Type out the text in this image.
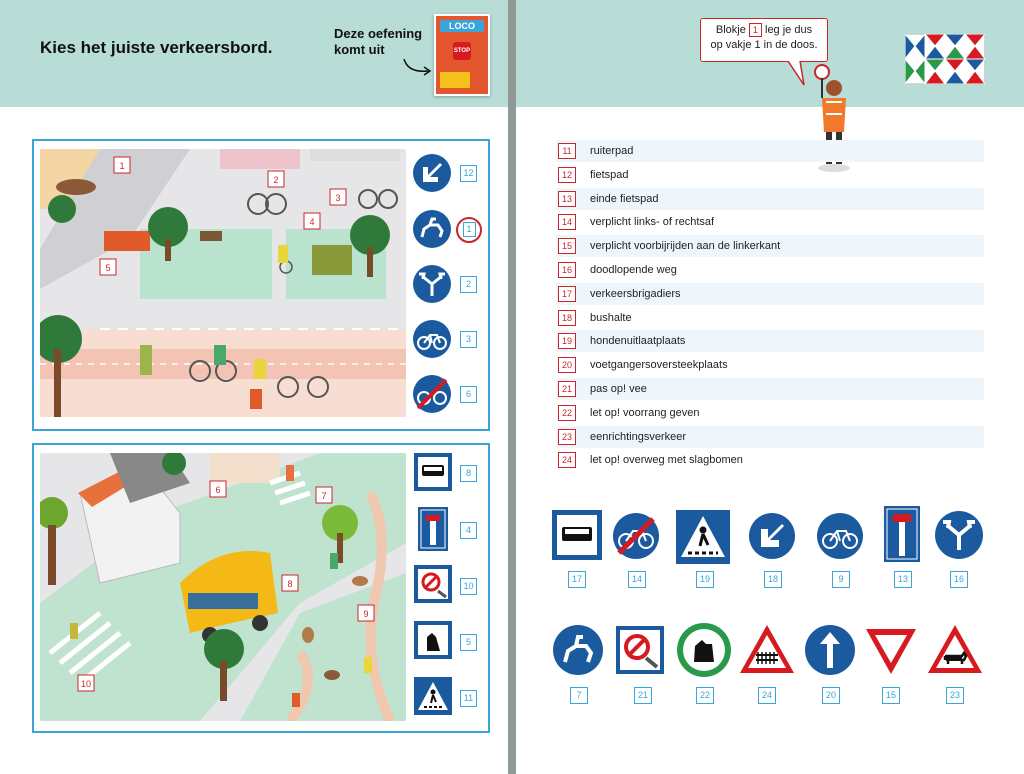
Kies het juiste verkeersbord.
Deze oefening
komt uit
LOCO
STOP
1
2
3
4
5
12
1
2
3
6
6
7
8
9
10
8
4
10
5
11
Blokje 1 leg je dus
op vakje 1 in de doos.
11	ruiterpad
12	fietspad
13	einde fietspad
14	verplicht links- of rechtsaf
15	verplicht voorbijrijden aan de linkerkant
16	doodlopende weg
17	verkeersbrigadiers
18	bushalte
19	hondenuitlaatplaats
20	voetgangersoversteekplaats
21	pas op! vee
22	let op! voorrang geven
23	eenrichtingsverkeer
24	let op! overweg met slagbomen
17	14	19	18	9	13	16
7	21	22	24	20	15	23
